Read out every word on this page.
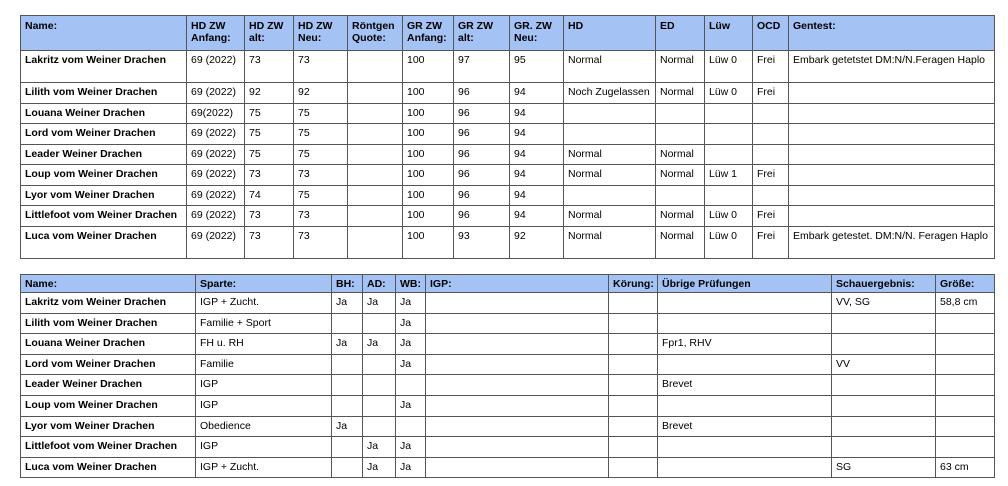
Name:	HD ZW Anfang:	HD ZW alt:	HD ZW Neu:	Röntgen Quote:	GR ZW Anfang:	GR ZW alt:	GR. ZW Neu:	HD	ED	Lüw	OCD	Gentest:
Lakritz vom Weiner Drachen	69 (2022)	73	73		100	97	95	Normal	Normal	Lüw 0	Frei	Embark getetstet DM:N/N.Feragen Haplo
Lilith vom Weiner Drachen	69 (2022)	92	92		100	96	94	Noch Zugelassen	Normal	Lüw 0	Frei	
Louana Weiner Drachen	69(2022)	75	75		100	96	94					
Lord vom Weiner Drachen	69 (2022)	75	75		100	96	94					
Leader Weiner Drachen	69 (2022)	75	75		100	96	94	Normal	Normal			
Loup vom Weiner Drachen	69 (2022)	73	73		100	96	94	Normal	Normal	Lüw 1	Frei	
Lyor vom Weiner Drachen	69 (2022)	74	75		100	96	94					
Littlefoot vom Weiner Drachen	69 (2022)	73	73		100	96	94	Normal	Normal	Lüw 0	Frei	
Luca vom Weiner Drachen	69 (2022)	73	73		100	93	92	Normal	Normal	Lüw 0	Frei	Embark getestet. DM:N/N. Feragen Haplo
Name:	Sparte:	BH:	AD:	WB:	IGP:	Körung:	Übrige Prüfungen	Schauergebnis:	Größe:
Lakritz vom Weiner Drachen	IGP + Zucht.	Ja	Ja	Ja				VV, SG	58,8 cm
Lilith vom Weiner Drachen	Familie + Sport			Ja					
Louana Weiner Drachen	FH u. RH	Ja	Ja	Ja			Fpr1, RHV		
Lord vom Weiner Drachen	Familie			Ja				VV	
Leader Weiner Drachen	IGP						Brevet		
Loup vom Weiner Drachen	IGP			Ja					
Lyor vom Weiner Drachen	Obedience	Ja					Brevet		
Littlefoot vom Weiner Drachen	IGP		Ja	Ja					
Luca vom Weiner Drachen	IGP + Zucht.		Ja	Ja				SG	63 cm
